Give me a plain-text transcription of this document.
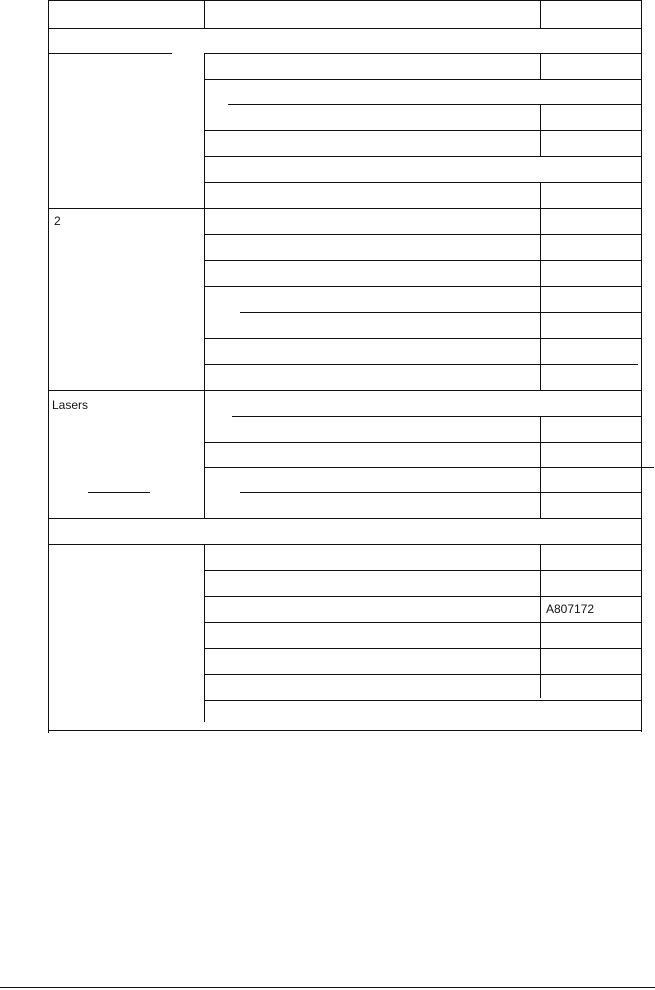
2
Lasers
A807172
